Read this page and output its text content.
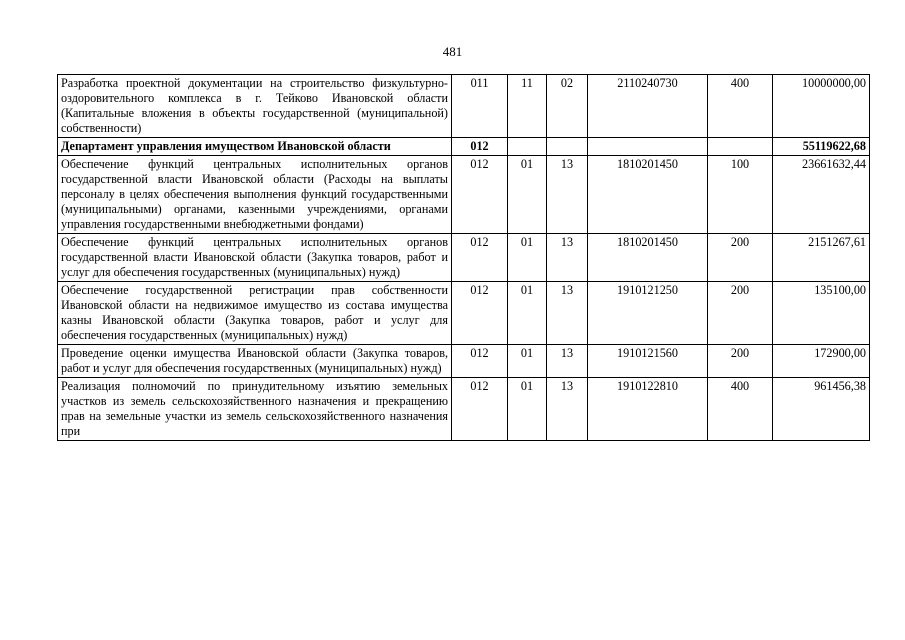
481
Разработка проектной документации на строительство физкультурно-оздоровительного комплекса в г. Тейково Ивановской области (Капитальные вложения в объекты государственной (муниципальной) собственности)	011	11	02	2110240730	400	10000000,00
Департамент управления имуществом Ивановской области	012					55119622,68
Обеспечение функций центральных исполнительных органов государственной власти Ивановской области (Расходы на выплаты персоналу в целях обеспечения выполнения функций государственными (муниципальными) органами, казенными учреждениями, органами управления государственными внебюджетными фондами)	012	01	13	1810201450	100	23661632,44
Обеспечение функций центральных исполнительных органов государственной власти Ивановской области (Закупка товаров, работ и услуг для обеспечения государственных (муниципальных) нужд)	012	01	13	1810201450	200	2151267,61
Обеспечение государственной регистрации прав собственности Ивановской области на недвижимое имущество из состава имущества казны Ивановской области (Закупка товаров, работ и услуг для обеспечения государственных (муниципальных) нужд)	012	01	13	1910121250	200	135100,00
Проведение оценки имущества Ивановской области (Закупка товаров, работ и услуг для обеспечения государственных (муниципальных) нужд)	012	01	13	1910121560	200	172900,00
Реализация полномочий по принудительному изъятию земельных участков из земель сельскохозяйственного назначения и прекращению прав на земельные участки из земель сельскохозяйственного назначения при	012	01	13	1910122810	400	961456,38
